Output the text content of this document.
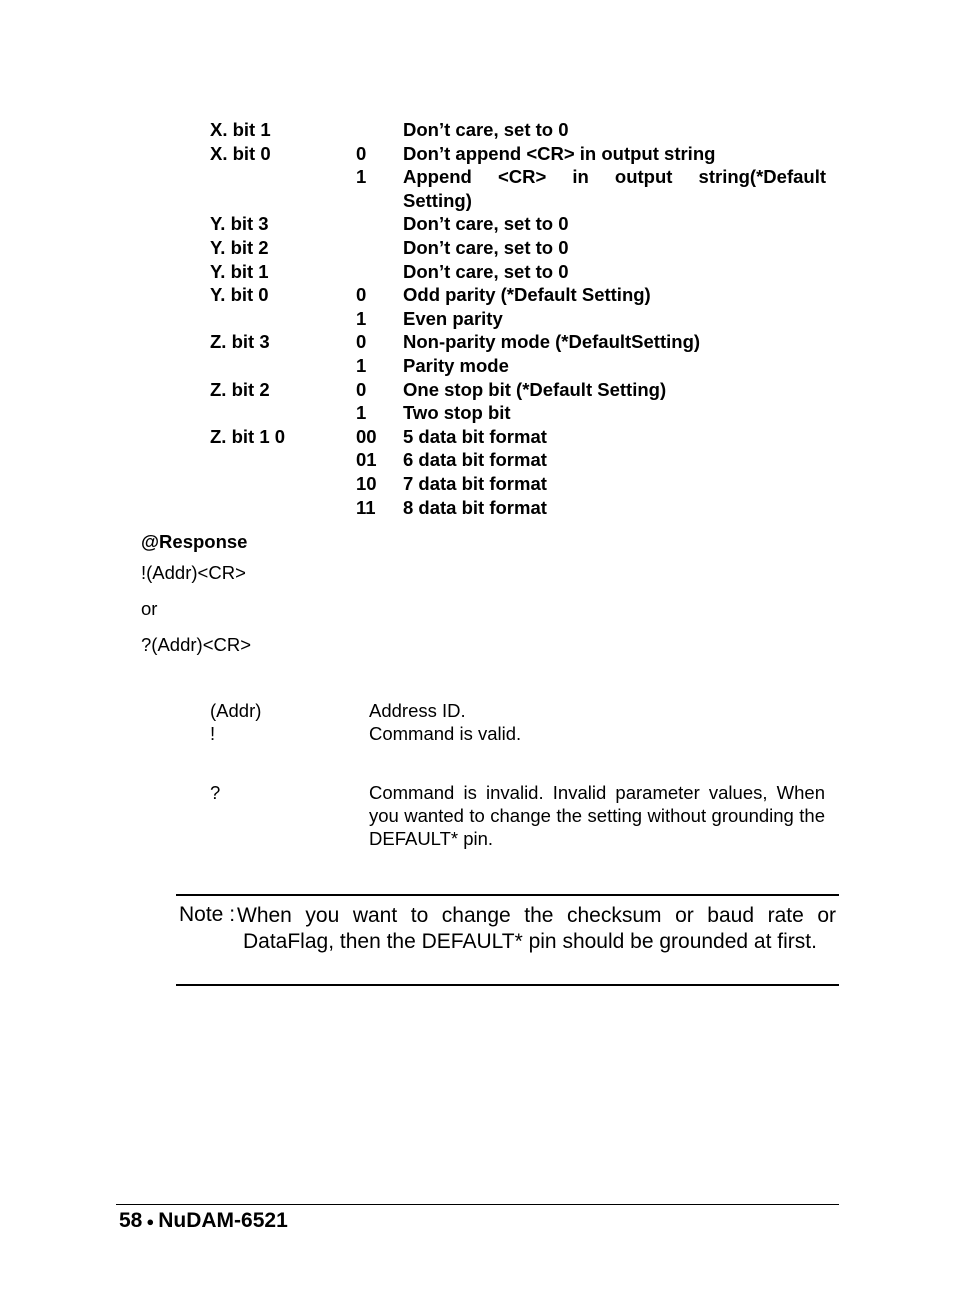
X. bit 1	Don’t care, set to 0
X. bit 0	0 Don’t append <CR> in output string
1 Append <CR> in output string(*Default
Setting)
Y. bit 3	Don’t care, set to 0
Y. bit 2	Don’t care, set to 0
Y. bit 1	Don’t care, set to 0
Y. bit 0	0 Odd parity (*Default Setting)
1 Even parity
Z. bit 3	0 Non-parity mode (*DefaultSetting)
1 Parity mode
Z. bit 2	0 One stop bit (*Default Setting)
1 Two stop bit
Z. bit 1 0	00 5 data bit format
01 6 data bit format
10 7 data bit format
11 8 data bit format
@Response
!(Addr)<CR>
or
?(Addr)<CR>
(Addr)	Address ID.
!	Command is valid.
?	Command is invalid. Invalid parameter values, When you wanted to change the setting without grounding the DEFAULT* pin.
Note : When you want to change the checksum or baud rate or DataFlag, then the DEFAULT* pin should be grounded at first.
58 ● NuDAM-6521
